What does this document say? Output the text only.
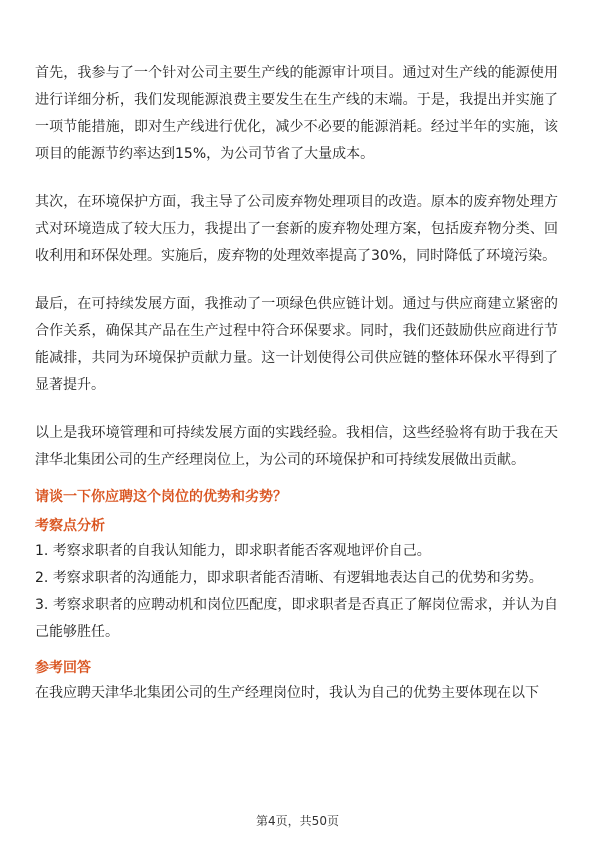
首先，我参与了一个针对公司主要生产线的能源审计项目。通过对生产线的能源使用进行详细分析，我们发现能源浪费主要发生在生产线的末端。于是，我提出并实施了一项节能措施，即对生产线进行优化，减少不必要的能源消耗。经过半年的实施，该项目的能源节约率达到15%，为公司节省了大量成本。

其次，在环境保护方面，我主导了公司废弃物处理项目的改造。原本的废弃物处理方式对环境造成了较大压力，我提出了一套新的废弃物处理方案，包括废弃物分类、回收利用和环保处理。实施后，废弃物的处理效率提高了30%，同时降低了环境污染。

最后，在可持续发展方面，我推动了一项绿色供应链计划。通过与供应商建立紧密的合作关系，确保其产品在生产过程中符合环保要求。同时，我们还鼓励供应商进行节能减排，共同为环境保护贡献力量。这一计划使得公司供应链的整体环保水平得到了显著提升。

以上是我环境管理和可持续发展方面的实践经验。我相信，这些经验将有助于我在天津华北集团公司的生产经理岗位上，为公司的环境保护和可持续发展做出贡献。

请谈一下你应聘这个岗位的优势和劣势？

考察点分析

1. 考察求职者的自我认知能力，即求职者能否客观地评价自己。

2. 考察求职者的沟通能力，即求职者能否清晰、有逻辑地表达自己的优势和劣势。

3. 考察求职者的应聘动机和岗位匹配度，即求职者是否真正了解岗位需求，并认为自己能够胜任。

参考回答

在我应聘天津华北集团公司的生产经理岗位时，我认为自己的优势主要体现在以下

第4页，共50页
